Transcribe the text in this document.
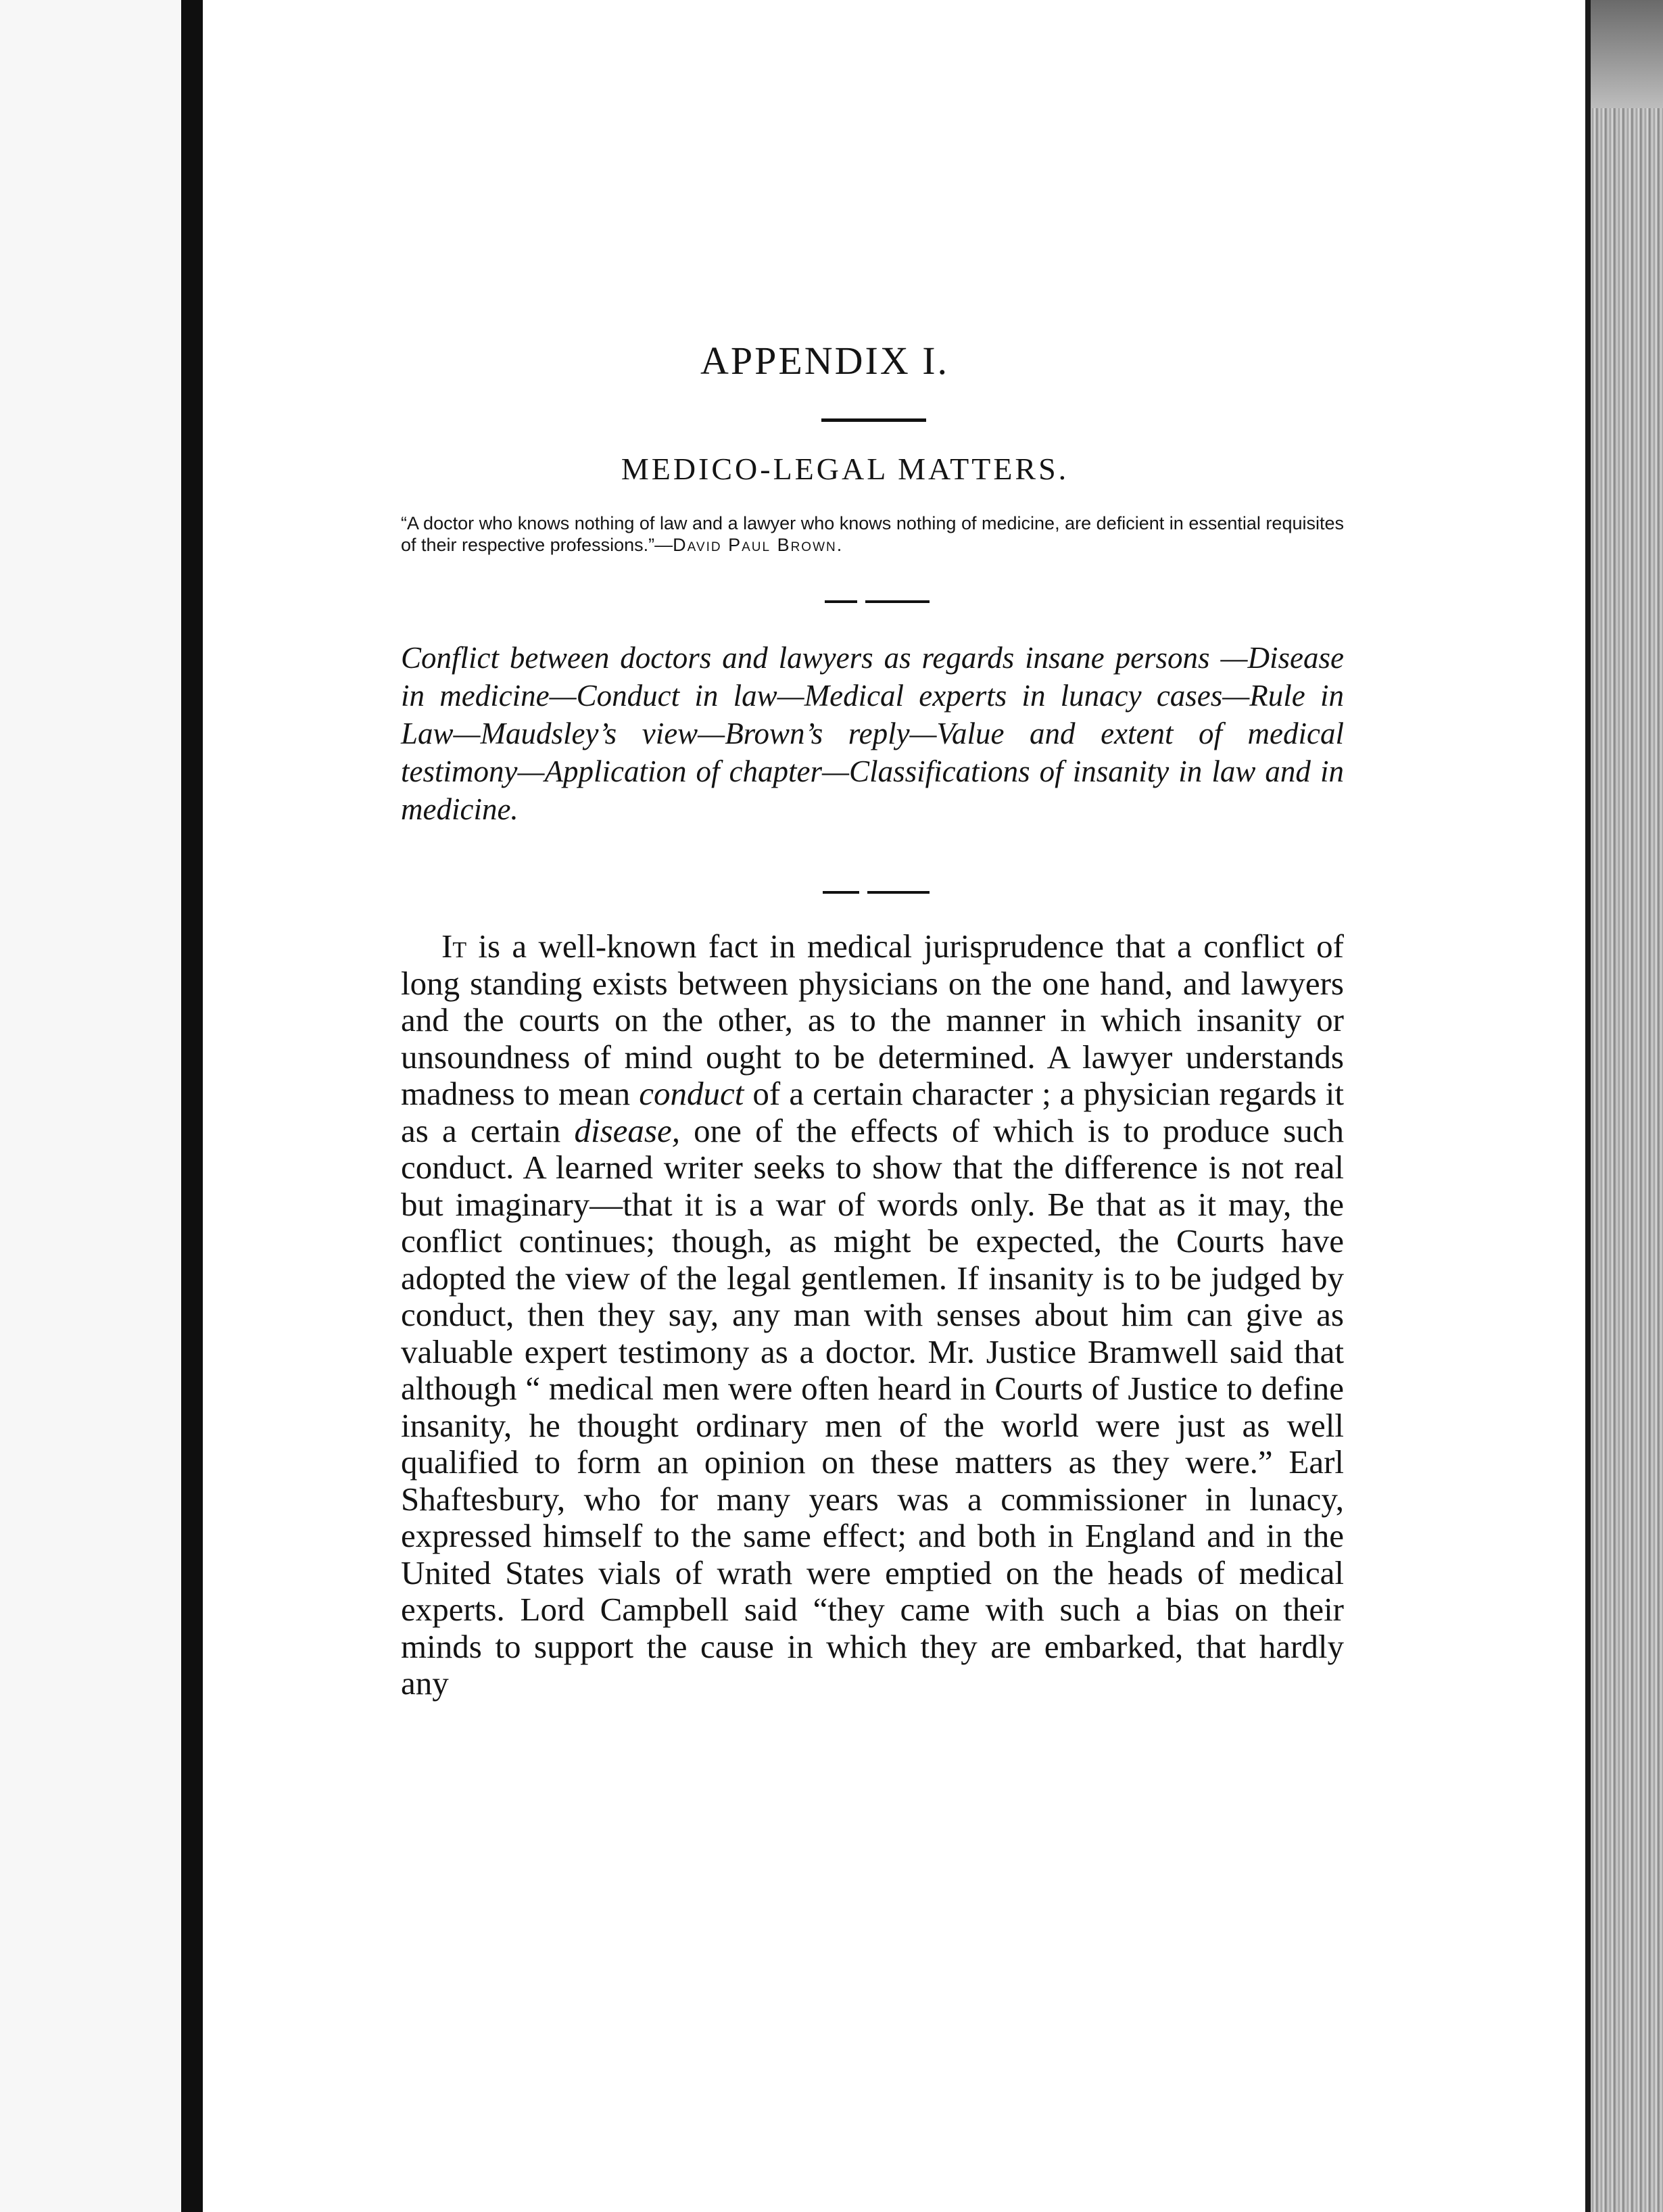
APPENDIX I.
MEDICO-LEGAL MATTERS.

“A doctor who knows nothing of law and a lawyer who knows nothing of medicine, are deficient in essential requisites of their respective professions.”—David Paul Brown.

Conflict between doctors and lawyers as regards insane persons —Disease in medicine—Conduct in law—Medical experts in lunacy cases—Rule in Law—Maudsley’s view—Brown’s reply—Value and extent of medical testimony—Application of chapter—Classifications of insanity in law and in medicine.

It is a well-known fact in medical jurisprudence that a conflict of long standing exists between physicians on the one hand, and lawyers and the courts on the other, as to the manner in which insanity or unsoundness of mind ought to be determined. A lawyer understands madness to mean conduct of a certain character ; a physician regards it as a certain disease, one of the effects of which is to produce such conduct. A learned writer seeks to show that the difference is not real but imaginary—that it is a war of words only. Be that as it may, the conflict continues; though, as might be expected, the Courts have adopted the view of the legal gentlemen. If insanity is to be judged by conduct, then they say, any man with senses about him can give as valuable expert testimony as a doctor. Mr. Justice Bramwell said that although “ medical men were often heard in Courts of Justice to define insanity, he thought ordinary men of the world were just as well qualified to form an opinion on these matters as they were.” Earl Shaftesbury, who for many years was a commissioner in lunacy, expressed himself to the same effect; and both in England and in the United States vials of wrath were emptied on the heads of medical experts. Lord Campbell said “they came with such a bias on their minds to support the cause in which they are embarked, that hardly any
